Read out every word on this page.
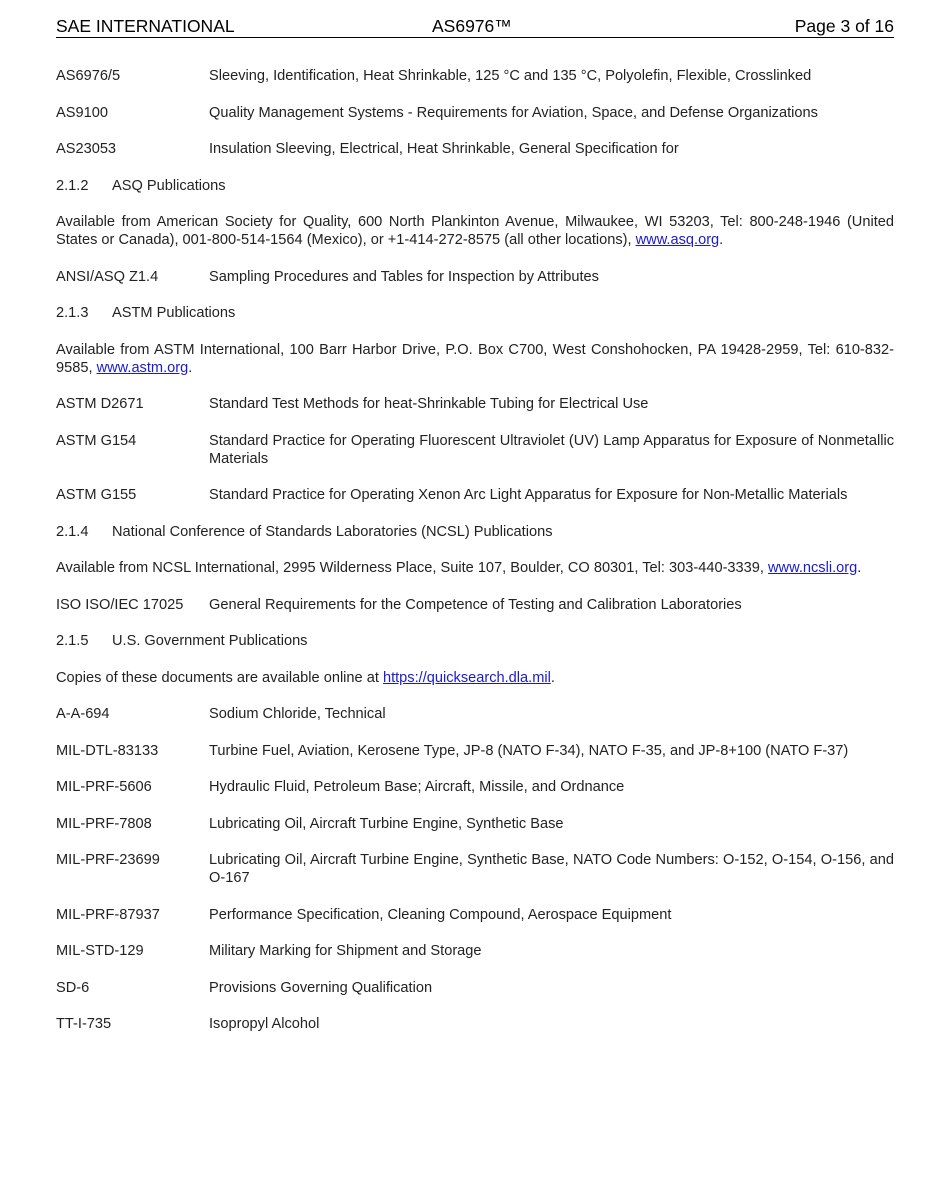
SAE INTERNATIONAL	AS6976™	Page 3 of 16
AS6976/5	Sleeving, Identification, Heat Shrinkable, 125 °C and 135 °C, Polyolefin, Flexible, Crosslinked
AS9100	Quality Management Systems - Requirements for Aviation, Space, and Defense Organizations
AS23053	Insulation Sleeving, Electrical, Heat Shrinkable, General Specification for
2.1.2 ASQ Publications
Available from American Society for Quality, 600 North Plankinton Avenue, Milwaukee, WI 53203, Tel: 800-248-1946 (United States or Canada), 001-800-514-1564 (Mexico), or +1-414-272-8575 (all other locations), www.asq.org.
ANSI/ASQ Z1.4	Sampling Procedures and Tables for Inspection by Attributes
2.1.3 ASTM Publications
Available from ASTM International, 100 Barr Harbor Drive, P.O. Box C700, West Conshohocken, PA 19428-2959, Tel: 610-832-9585, www.astm.org.
ASTM D2671	Standard Test Methods for heat-Shrinkable Tubing for Electrical Use
ASTM G154	Standard Practice for Operating Fluorescent Ultraviolet (UV) Lamp Apparatus for Exposure of Nonmetallic Materials
ASTM G155	Standard Practice for Operating Xenon Arc Light Apparatus for Exposure for Non-Metallic Materials
2.1.4 National Conference of Standards Laboratories (NCSL) Publications
Available from NCSL International, 2995 Wilderness Place, Suite 107, Boulder, CO 80301, Tel: 303-440-3339, www.ncsli.org.
ISO ISO/IEC 17025	General Requirements for the Competence of Testing and Calibration Laboratories
2.1.5 U.S. Government Publications
Copies of these documents are available online at https://quicksearch.dla.mil.
A-A-694	Sodium Chloride, Technical
MIL-DTL-83133	Turbine Fuel, Aviation, Kerosene Type, JP-8 (NATO F-34), NATO F-35, and JP-8+100 (NATO F-37)
MIL-PRF-5606	Hydraulic Fluid, Petroleum Base; Aircraft, Missile, and Ordnance
MIL-PRF-7808	Lubricating Oil, Aircraft Turbine Engine, Synthetic Base
MIL-PRF-23699	Lubricating Oil, Aircraft Turbine Engine, Synthetic Base, NATO Code Numbers: O-152, O-154, O-156, and O-167
MIL-PRF-87937	Performance Specification, Cleaning Compound, Aerospace Equipment
MIL-STD-129	Military Marking for Shipment and Storage
SD-6	Provisions Governing Qualification
TT-I-735	Isopropyl Alcohol
